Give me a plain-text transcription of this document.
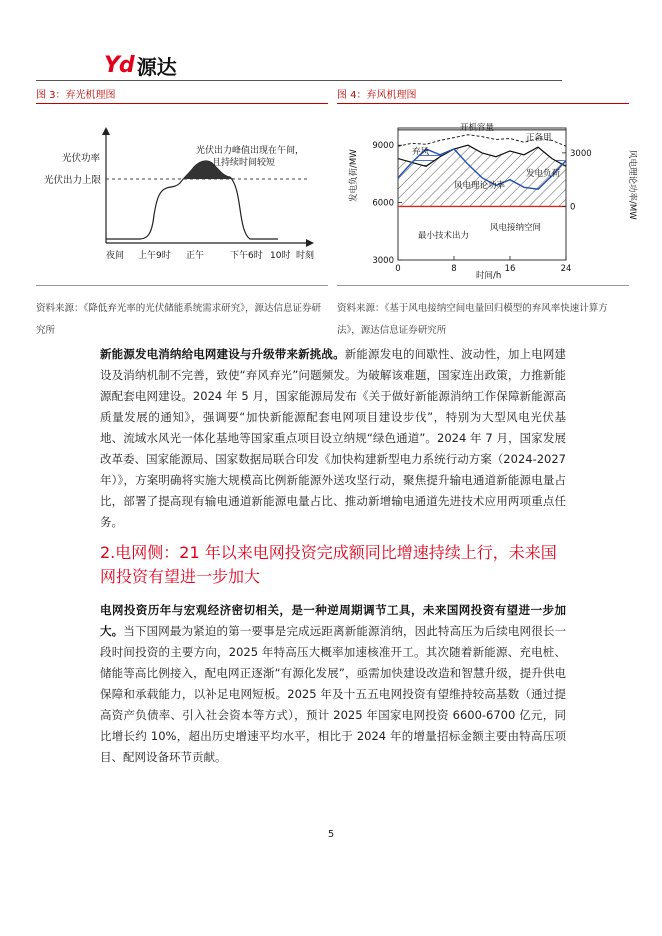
Yd 源达
图 3：弃光机理图	图 4：弃风机理图
光伏功率
光伏出力上限
光伏出力峰值出现在午间，
且持续时间较短
夜间 上午9时 正午	下午6时 10时 时刻	3000
6000
9000
0
3000
0	8	16	24
发电负荷/MW	风电理论功率/MW
时间/h
开机容量
正备用
弃风
发电负荷
风电理论功率
风电接纳空间
最小技术出力
资料来源：《降低弃光率的光伏储能系统需求研究》，源达信息证券研究所
资料来源：《基于风电接纳空间电量回归模型的弃风率快速计算方法》，源达信息证券研究所
新能源发电消纳给电网建设与升级带来新挑战。新能源发电的间歇性、波动性，加上电网建设及消纳机制不完善，致使“弃风弃光”问题频发。为破解该难题，国家连出政策，力推新能源配套电网建设。2024 年 5 月，国家能源局发布《关于做好新能源消纳工作保障新能源高质量发展的通知》，强调要“加快新能源配套电网项目建设步伐”，特别为大型风电光伏基地、流域水风光一体化基地等国家重点项目设立纳规“绿色通道”。2024 年 7 月，国家发展改革委、国家能源局、国家数据局联合印发《加快构建新型电力系统行动方案（2024-2027 年）》，方案明确将实施大规模高比例新能源外送攻坚行动，聚焦提升输电通道新能源电量占比，部署了提高现有输电通道新能源电量占比、推动新增输电通道先进技术应用两项重点任务。
2.电网侧：21 年以来电网投资完成额同比增速持续上行，未来国网投资有望进一步加大
电网投资历年与宏观经济密切相关，是一种逆周期调节工具，未来国网投资有望进一步加大。当下国网最为紧迫的第一要事是完成远距离新能源消纳，因此特高压为后续电网很长一段时间投资的主要方向，2025 年特高压大概率加速核准开工。其次随着新能源、充电桩、储能等高比例接入，配电网正逐渐“有源化发展”，亟需加快建设改造和智慧升级，提升供电保障和承载能力，以补足电网短板。2025 年及十五五电网投资有望维持较高基数（通过提高资产负债率、引入社会资本等方式），预计 2025 年国家电网投资 6600-6700 亿元，同比增长约 10%，超出历史增速平均水平，相比于 2024 年的增量招标金额主要由特高压项目、配网设备环节贡献。
5
